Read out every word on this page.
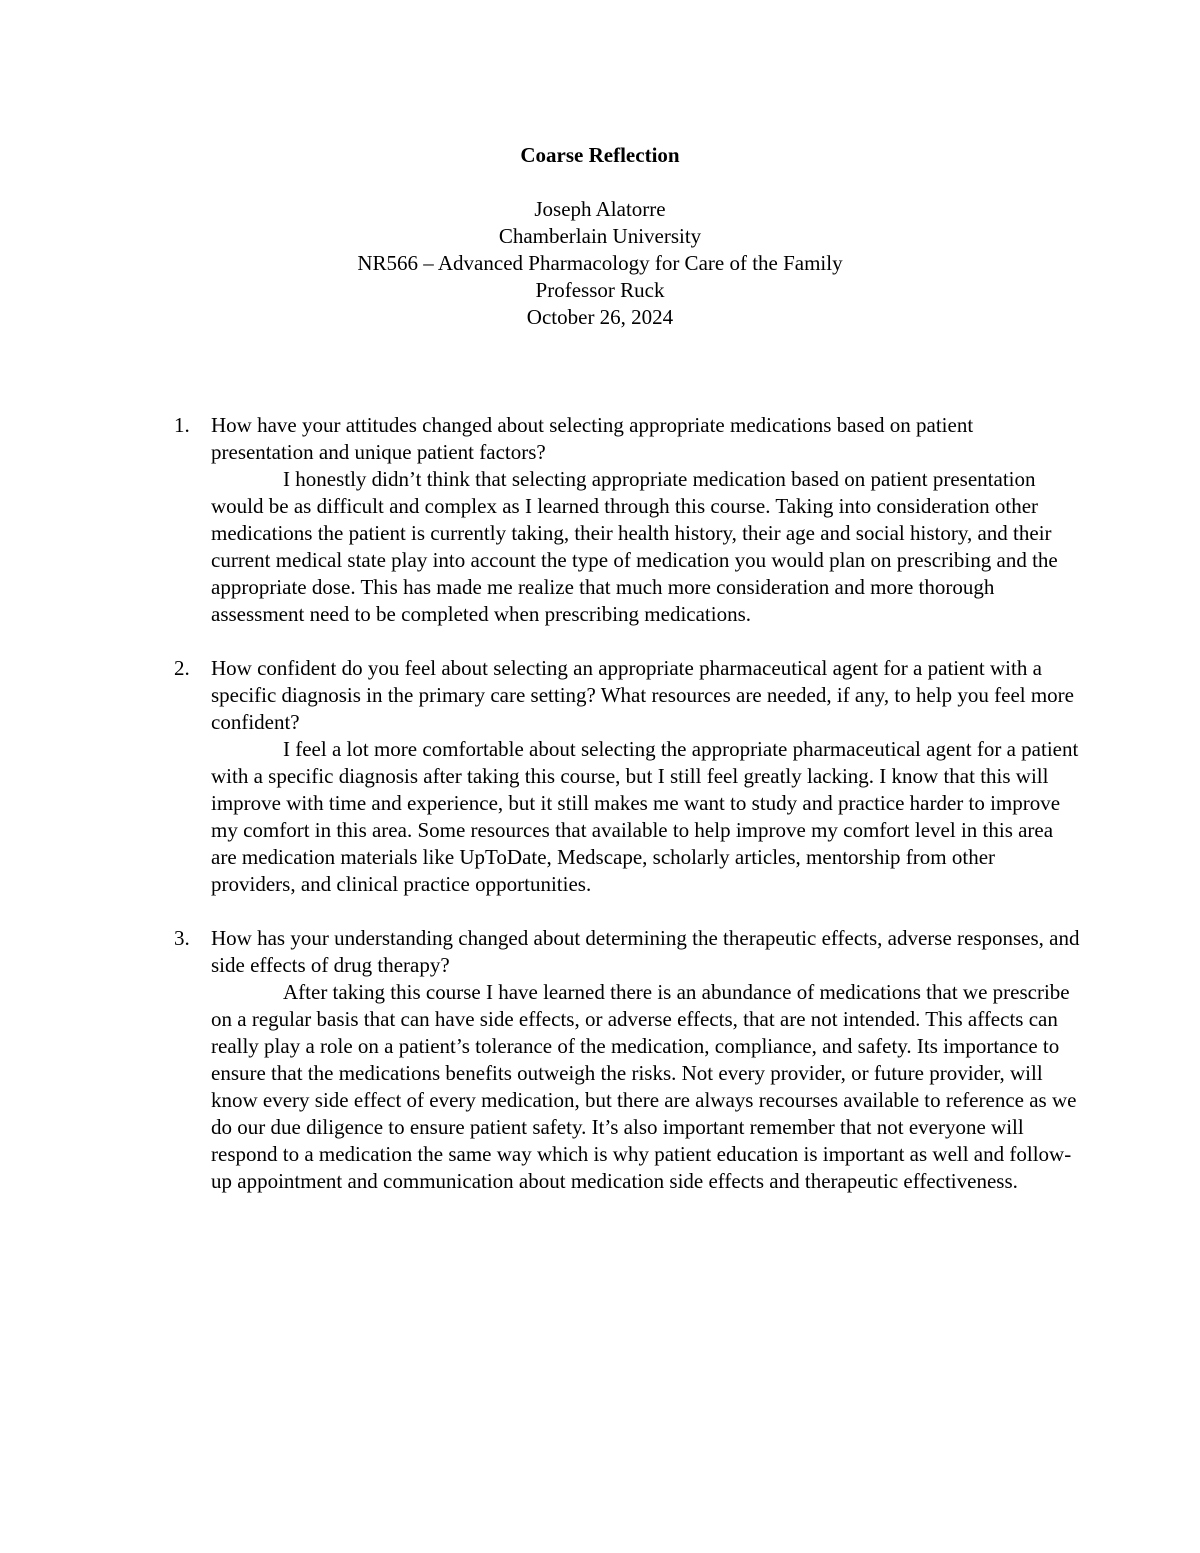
Coarse Reflection
Joseph Alatorre
Chamberlain University
NR566 – Advanced Pharmacology for Care of the Family
Professor Ruck
October 26, 2024
1.	How have your attitudes changed about selecting appropriate medications based on patient presentation and unique patient factors?
I honestly didn’t think that selecting appropriate medication based on patient presentation would be as difficult and complex as I learned through this course. Taking into consideration other medications the patient is currently taking, their health history, their age and social history, and their current medical state play into account the type of medication you would plan on prescribing and the appropriate dose. This has made me realize that much more consideration and more thorough assessment need to be completed when prescribing medications.
2.	How confident do you feel about selecting an appropriate pharmaceutical agent for a patient with a specific diagnosis in the primary care setting? What resources are needed, if any, to help you feel more confident?
I feel a lot more comfortable about selecting the appropriate pharmaceutical agent for a patient with a specific diagnosis after taking this course, but I still feel greatly lacking. I know that this will improve with time and experience, but it still makes me want to study and practice harder to improve my comfort in this area. Some resources that available to help improve my comfort level in this area are medication materials like UpToDate, Medscape, scholarly articles, mentorship from other providers, and clinical practice opportunities.
3.	How has your understanding changed about determining the therapeutic effects, adverse responses, and side effects of drug therapy?
After taking this course I have learned there is an abundance of medications that we prescribe on a regular basis that can have side effects, or adverse effects, that are not intended. This affects can really play a role on a patient’s tolerance of the medication, compliance, and safety. Its importance to ensure that the medications benefits outweigh the risks. Not every provider, or future provider, will know every side effect of every medication, but there are always recourses available to reference as we do our due diligence to ensure patient safety. It’s also important remember that not everyone will respond to a medication the same way which is why patient education is important as well and follow-up appointment and communication about medication side effects and therapeutic effectiveness.
